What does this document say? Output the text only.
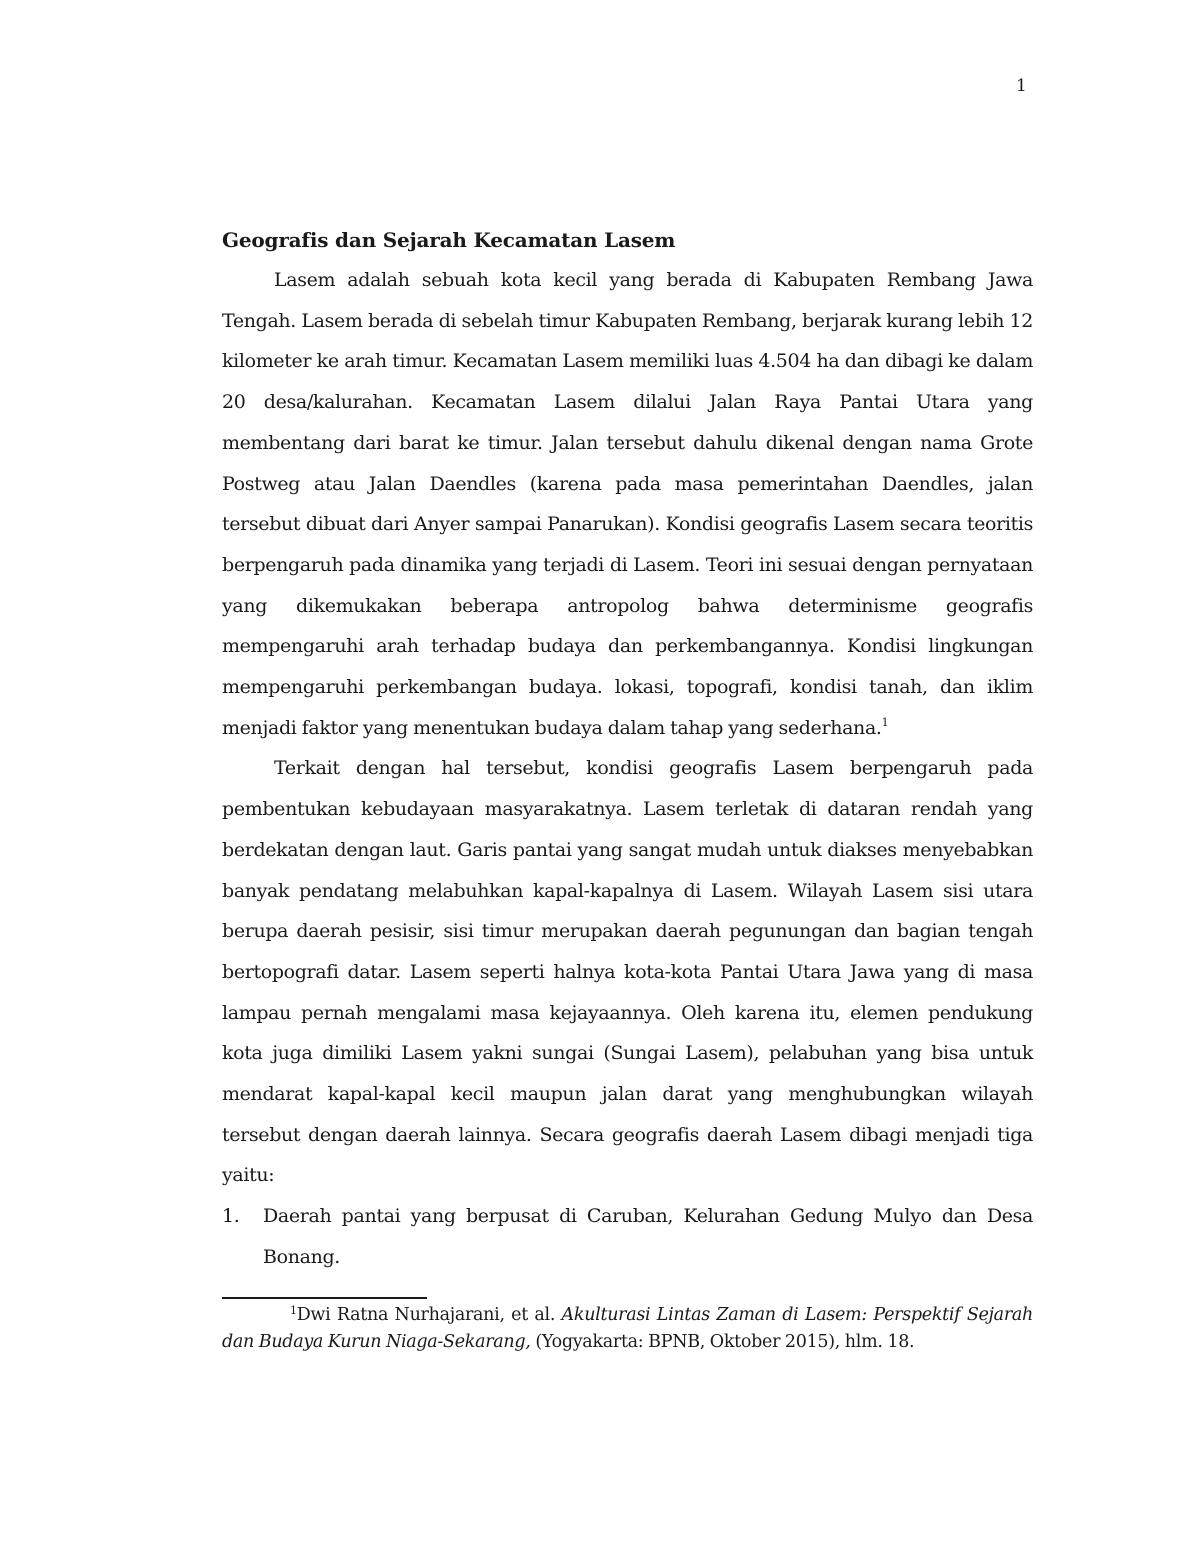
1
Geografis dan Sejarah Kecamatan Lasem

Lasem adalah sebuah kota kecil yang berada di Kabupaten Rembang Jawa Tengah. Lasem berada di sebelah timur Kabupaten Rembang, berjarak kurang lebih 12 kilometer ke arah timur. Kecamatan Lasem memiliki luas 4.504 ha dan dibagi ke dalam 20 desa/kalurahan. Kecamatan Lasem dilalui Jalan Raya Pantai Utara yang membentang dari barat ke timur. Jalan tersebut dahulu dikenal dengan nama Grote Postweg atau Jalan Daendles (karena pada masa pemerintahan Daendles, jalan tersebut dibuat dari Anyer sampai Panarukan). Kondisi geografis Lasem secara teoritis berpengaruh pada dinamika yang terjadi di Lasem. Teori ini sesuai dengan pernyataan yang dikemukakan beberapa antropolog bahwa determinisme geografis mempengaruhi arah terhadap budaya dan perkembangannya. Kondisi lingkungan mempengaruhi perkembangan budaya. lokasi, topografi, kondisi tanah, dan iklim menjadi faktor yang menentukan budaya dalam tahap yang sederhana.$^1$

Terkait dengan hal tersebut, kondisi geografis Lasem berpengaruh pada pembentukan kebudayaan masyarakatnya. Lasem terletak di dataran rendah yang berdekatan dengan laut. Garis pantai yang sangat mudah untuk diakses menyebabkan banyak pendatang melabuhkan kapal-kapalnya di Lasem. Wilayah Lasem sisi utara berupa daerah pesisir, sisi timur merupakan daerah pegunungan dan bagian tengah bertopografi datar. Lasem seperti halnya kota-kota Pantai Utara Jawa yang di masa lampau pernah mengalami masa kejayaannya. Oleh karena itu, elemen pendukung kota juga dimiliki Lasem yakni sungai (Sungai Lasem), pelabuhan yang bisa untuk mendarat kapal-kapal kecil maupun jalan darat yang menghubungkan wilayah tersebut dengan daerah lainnya. Secara geografis daerah Lasem dibagi menjadi tiga yaitu:

1. Daerah pantai yang berpusat di Caruban, Kelurahan Gedung Mulyo dan Desa Bonang.
$^1$Dwi Ratna Nurhajarani, et al. Akulturasi Lintas Zaman di Lasem: Perspektif Sejarah dan Budaya Kurun Niaga-Sekarang, (Yogyakarta: BPNB, Oktober 2015), hlm. 18.
